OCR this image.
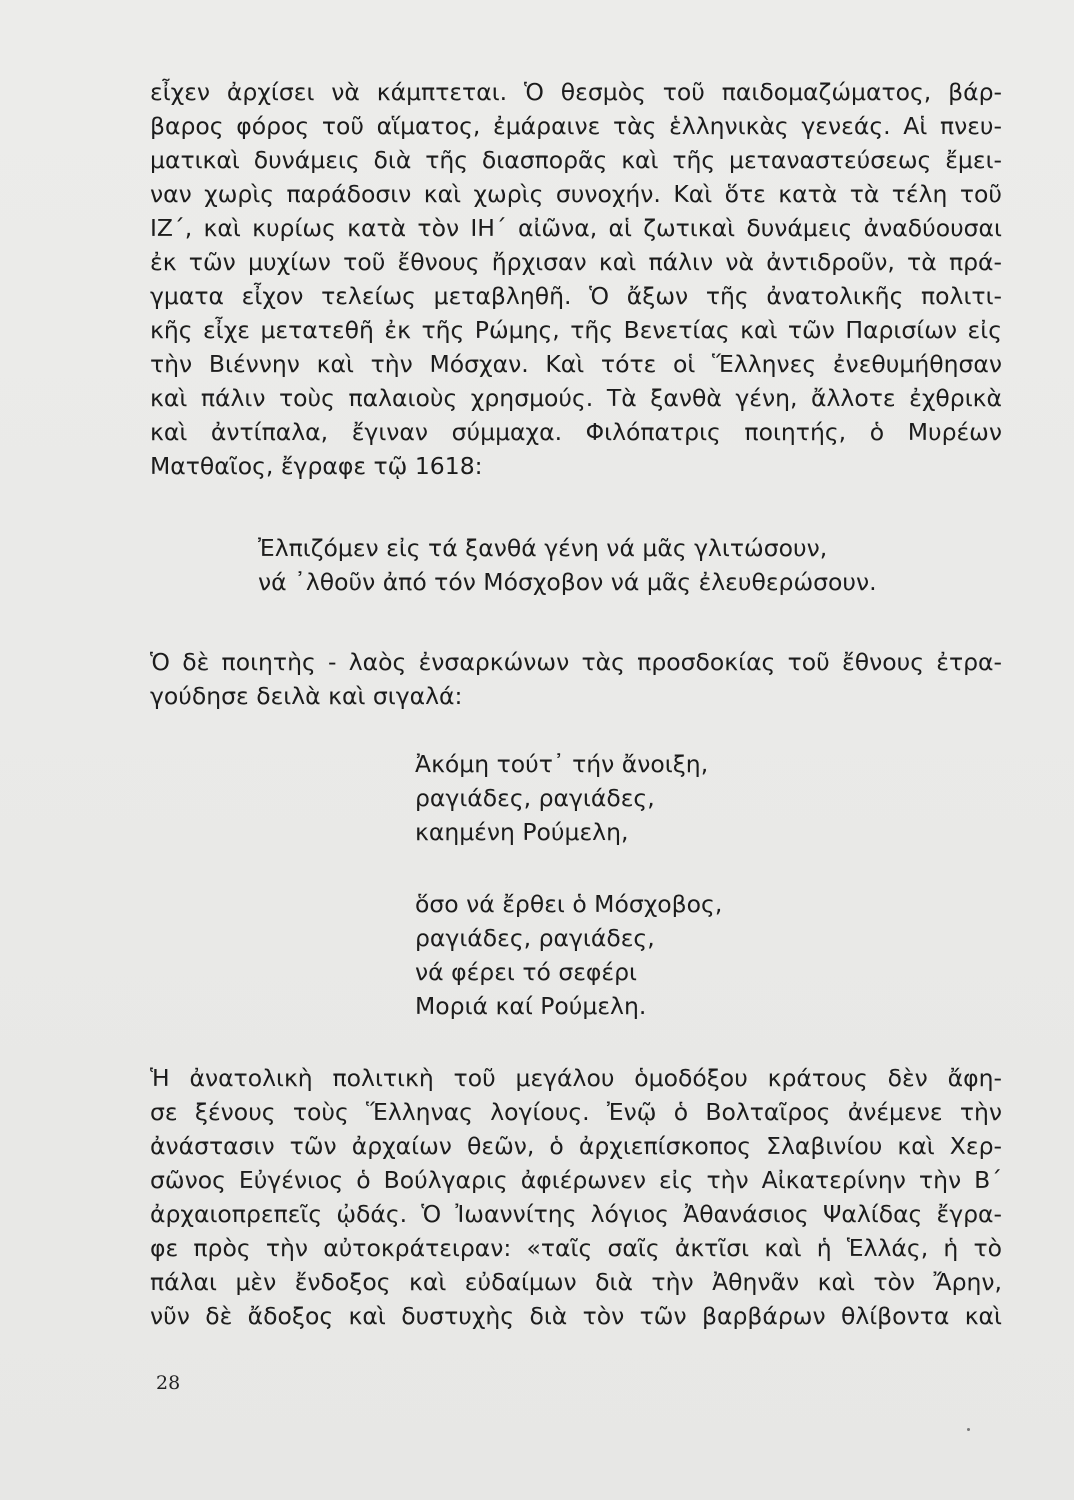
εἶχεν ἀρχίσει νὰ κάμπτεται. Ὁ θεσμὸς τοῦ παιδομαζώματος, βάρ-
βαρος φόρος τοῦ αἵματος, ἐμάραινε τὰς ἑλληνικὰς γενεάς. Αἱ πνευ-
ματικαὶ δυνάμεις διὰ τῆς διασπορᾶς καὶ τῆς μεταναστεύσεως ἔμει-
ναν χωρὶς παράδοσιν καὶ χωρὶς συνοχήν. Καὶ ὅτε κατὰ τὰ τέλη τοῦ
ΙΖ΄, καὶ κυρίως κατὰ τὸν ΙΗ΄ αἰῶνα, αἱ ζωτικαὶ δυνάμεις ἀναδύουσαι
ἐκ τῶν μυχίων τοῦ ἔθνους ἤρχισαν καὶ πάλιν νὰ ἀντιδροῦν, τὰ πρά-
γματα εἶχον τελείως μεταβληθῆ. Ὁ ἄξων τῆς ἀνατολικῆς πολιτι-
κῆς εἶχε μετατεθῆ ἐκ τῆς Ρώμης, τῆς Βενετίας καὶ τῶν Παρισίων εἰς
τὴν Βιέννην καὶ τὴν Μόσχαν. Καὶ τότε οἱ Ἕλληνες ἐνεθυμήθησαν
καὶ πάλιν τοὺς παλαιοὺς χρησμούς. Τὰ ξανθὰ γένη, ἄλλοτε ἐχθρικὰ
καὶ ἀντίπαλα, ἔγιναν σύμμαχα. Φιλόπατρις ποιητής, ὁ Μυρέων
Ματθαῖος, ἔγραφε τῷ 1618:
Ἐλπιζόμεν εἰς τά ξανθά γένη νά μᾶς γλιτώσουν,
νά ᾿λθοῦν ἀπό τόν Μόσχοβον νά μᾶς ἐλευθερώσουν.
Ὁ δὲ ποιητὴς - λαὸς ἐνσαρκώνων τὰς προσδοκίας τοῦ ἔθνους ἐτρα-
γούδησε δειλὰ καὶ σιγαλά:
Ἀκόμη τούτ᾿ τήν ἄνοιξη,
ραγιάδες, ραγιάδες,
καημένη Ρούμελη,
ὅσο νά ἔρθει ὁ Μόσχοβος,
ραγιάδες, ραγιάδες,
νά φέρει τό σεφέρι
Μοριά καί Ρούμελη.
Ἡ ἀνατολικὴ πολιτικὴ τοῦ μεγάλου ὁμοδόξου κράτους δὲν ἄφη-
σε ξένους τοὺς Ἕλληνας λογίους. Ἐνῷ ὁ Βολταῖρος ἀνέμενε τὴν
ἀνάστασιν τῶν ἀρχαίων θεῶν, ὁ ἀρχιεπίσκοπος Σλαβινίου καὶ Χερ-
σῶνος Εὐγένιος ὁ Βούλγαρις ἀφιέρωνεν εἰς τὴν Αἰκατερίνην τὴν Β΄
ἀρχαιοπρεπεῖς ᾠδάς. Ὁ Ἰωαννίτης λόγιος Ἀθανάσιος Ψαλίδας ἔγρα-
φε πρὸς τὴν αὐτοκράτειραν: «ταῖς σαῖς ἀκτῖσι καὶ ἡ Ἑλλάς, ἡ τὸ
πάλαι μὲν ἔνδοξος καὶ εὐδαίμων διὰ τὴν Ἀθηνᾶν καὶ τὸν Ἄρην,
νῦν δὲ ἄδοξος καὶ δυστυχὴς διὰ τὸν τῶν βαρβάρων θλίβοντα καὶ
28
